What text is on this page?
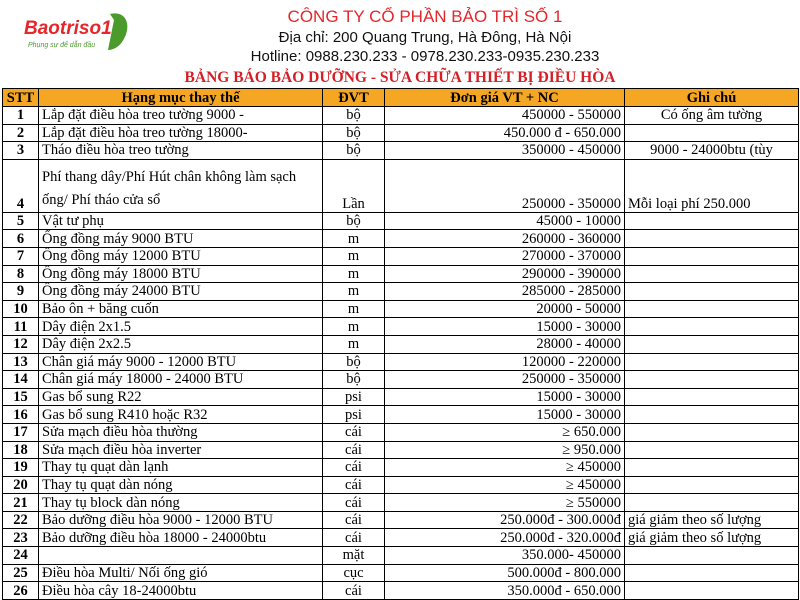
Baotriso1
Phụng sự để dẫn đầu
CÔNG TY CỔ PHẦN BẢO TRÌ SỐ 1
Địa chỉ: 200 Quang Trung, Hà Đông, Hà Nội
Hotline: 0988.230.233 - 0978.230.233-0935.230.233
BẢNG BÁO BẢO DƯỠNG - SỬA CHỮA THIẾT BỊ ĐIỀU HÒA
STT	Hạng mục thay thế	ĐVT	Đơn giá VT + NC	Ghi chú
1	Lắp đặt điều hòa treo tường 9000 -	bộ	450000 - 550000	Có ống âm tường
2	Lắp đặt điều hòa treo tường 18000-	bộ	450.000 đ - 650.000	
3	Tháo điều hòa treo tường	bộ	350000 - 450000	9000 - 24000btu (tùy
4	Phí thang dây/Phí Hút chân không làm sạch ống/ Phí tháo cửa sổ	Lần	250000 - 350000	Mỗi loại phí 250.000
5	Vật tư phụ	bộ	45000 - 10000	
6	Ống đồng máy 9000 BTU	m	260000 - 360000	
7	Ống đồng máy 12000 BTU	m	270000 - 370000	
8	Ống đồng máy 18000 BTU	m	290000 - 390000	
9	Ống đồng máy 24000 BTU	m	285000 - 285000	
10	Bảo ôn + băng cuốn	m	20000 - 50000	
11	Dây điện 2x1.5	m	15000 - 30000	
12	Dây điện 2x2.5	m	28000 - 40000	
13	Chân giá máy 9000 - 12000 BTU	bộ	120000 - 220000	
14	Chân giá máy 18000 - 24000 BTU	bộ	250000 - 350000	
15	Gas bổ sung R22	psi	15000 - 30000	
16	Gas bổ sung R410 hoặc R32	psi	15000 - 30000	
17	Sửa mạch điều hòa thường	cái	≥ 650.000	
18	Sửa mạch điều hòa inverter	cái	≥ 950.000	
19	Thay tụ quạt dàn lạnh	cái	≥ 450000	
20	Thay tụ quạt dàn nóng	cái	≥ 450000	
21	Thay tụ block dàn nóng	cái	≥ 550000	
22	Bảo dưỡng điều hòa 9000 - 12000 BTU	cái	250.000đ - 300.000đ	giá giảm theo số lượng
23	Bảo dưỡng điều hòa 18000 - 24000btu	cái	250.000đ - 320.000đ	giá giảm theo số lượng
24		mặt	350.000- 450000	
25	Điều hòa Multi/ Nối ống gió	cục	500.000đ - 800.000	
26	Điều hòa cây 18-24000btu	cái	350.000đ - 650.000	
